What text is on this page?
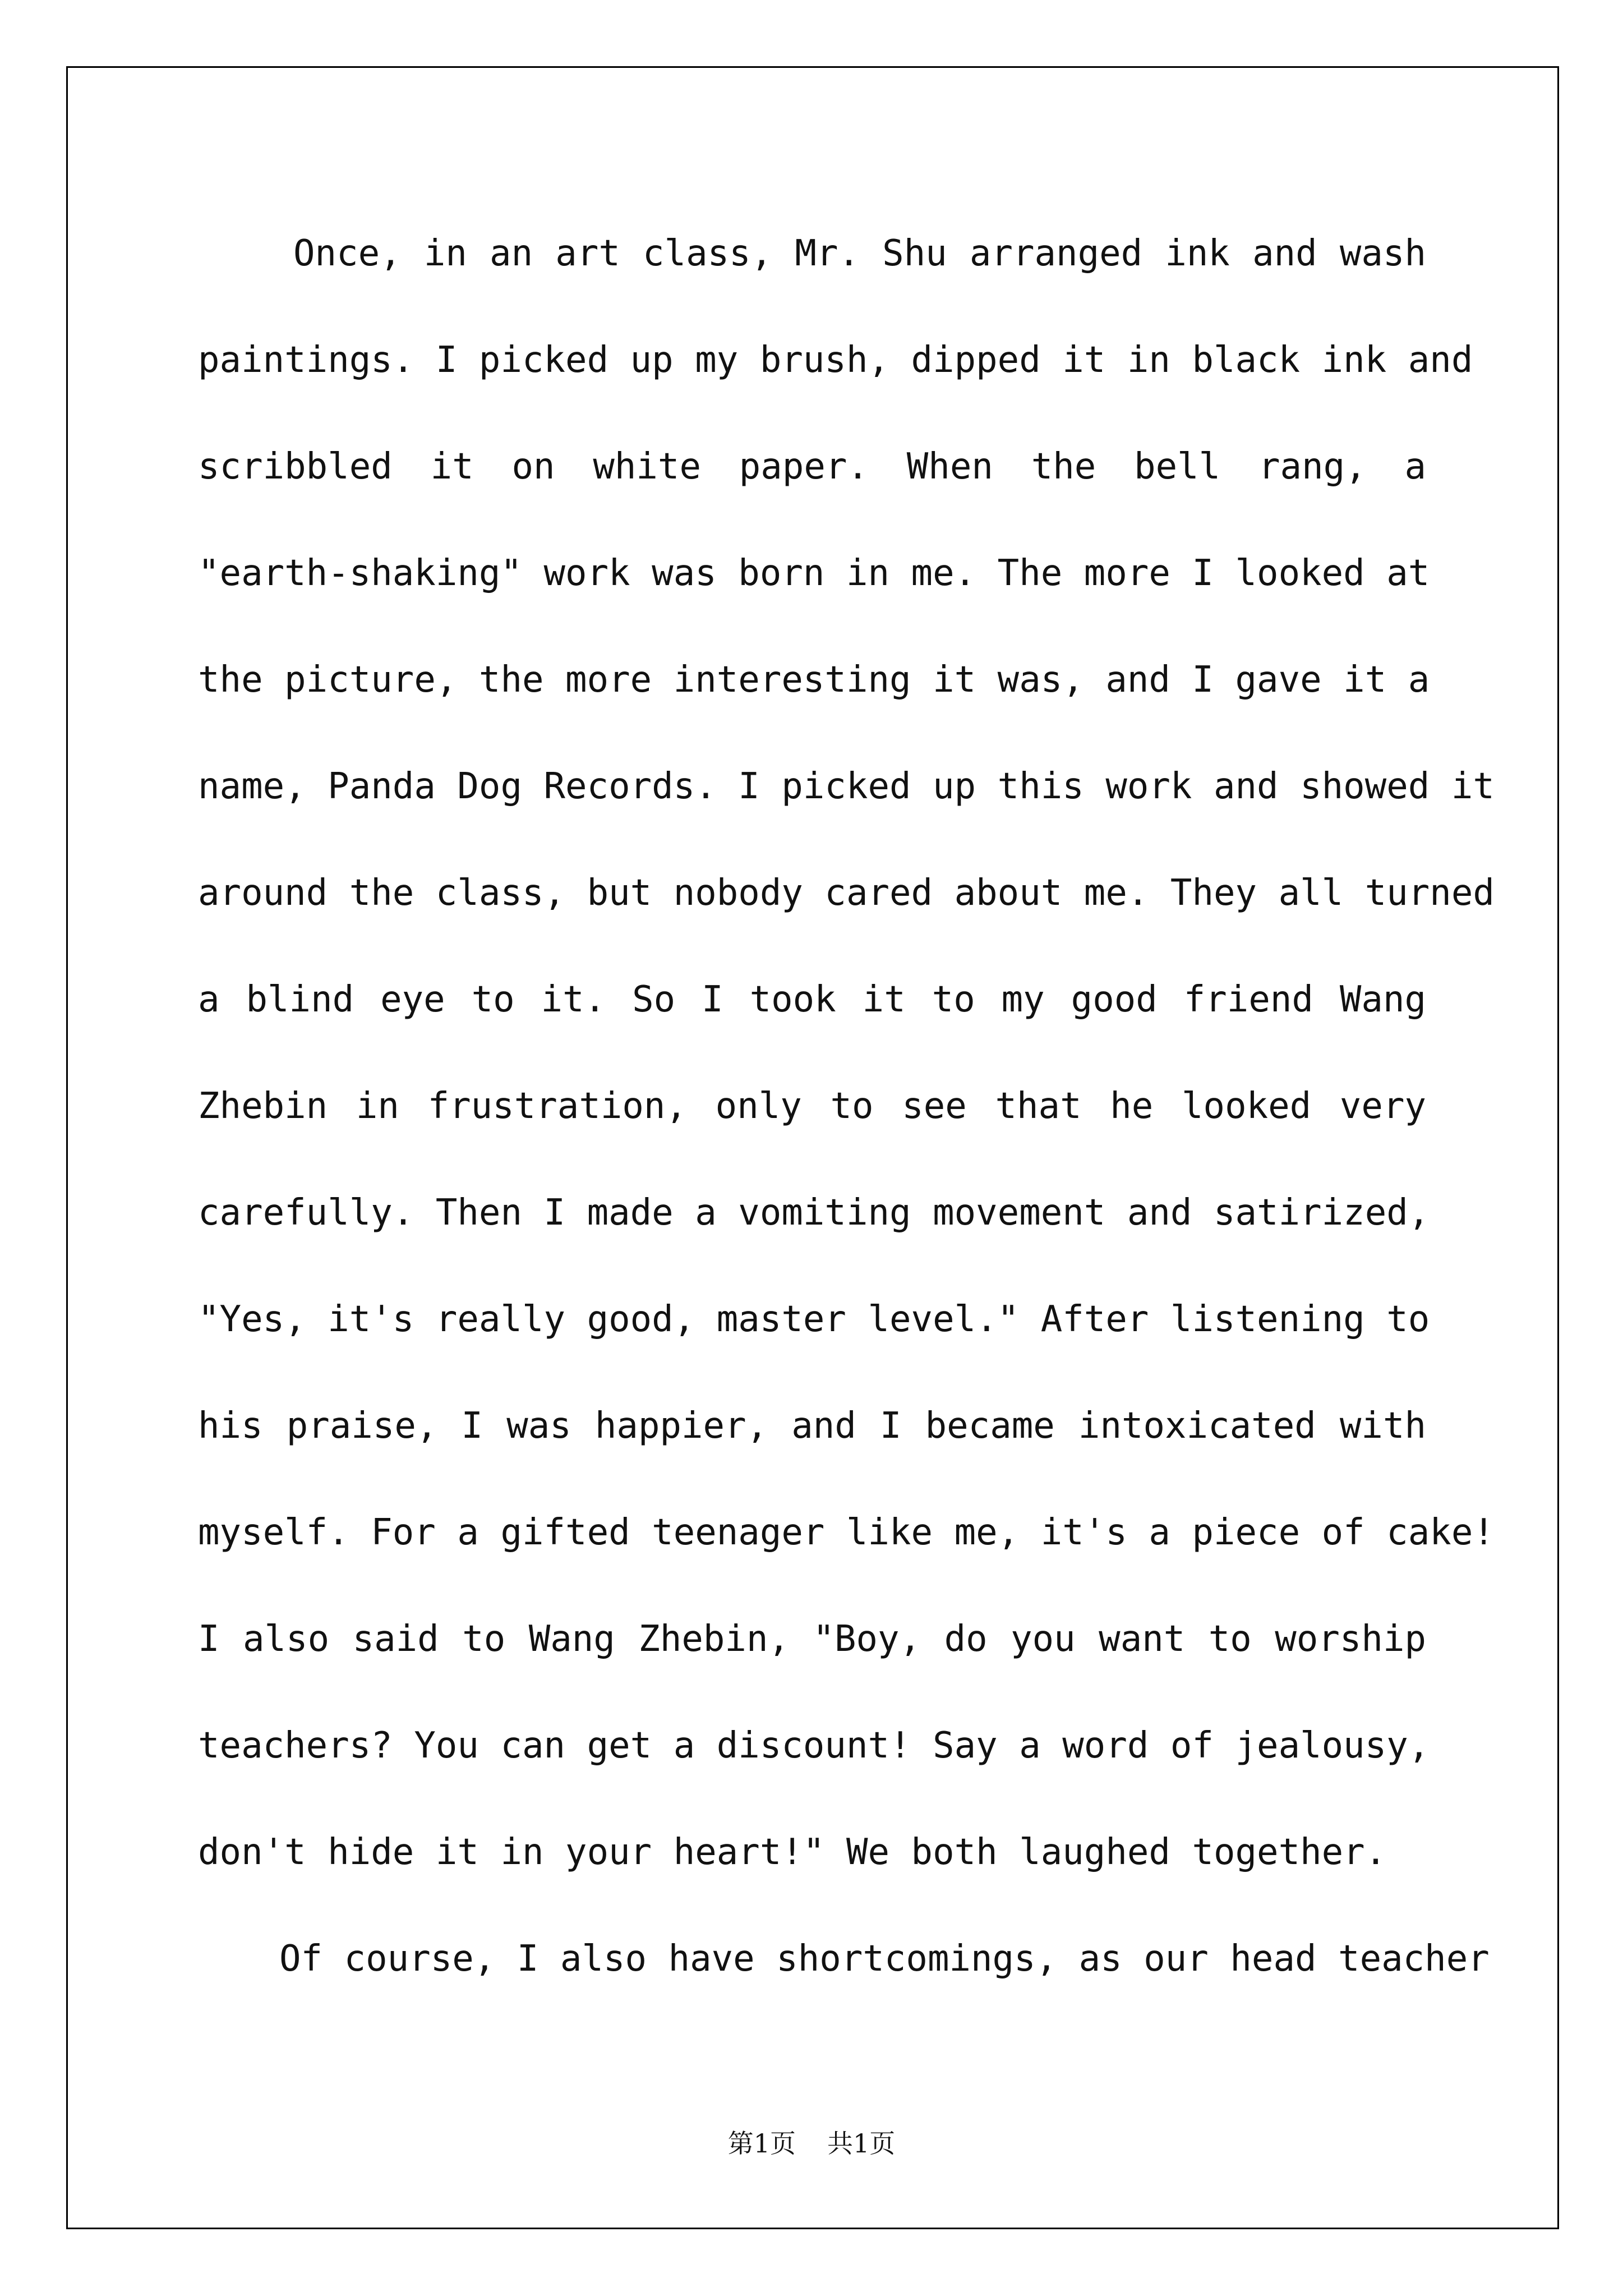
Once, in an art class, Mr. Shu arranged ink and wash
paintings. I picked up my brush, dipped it in black ink and
scribbled it on white paper. When the bell rang, a
"earth-shaking" work was born in me. The more I looked at
the picture, the more interesting it was, and I gave it a
name, Panda Dog Records. I picked up this work and showed it
around the class, but nobody cared about me. They all turned
a blind eye to it. So I took it to my good friend Wang
Zhebin in frustration, only to see that he looked very
carefully. Then I made a vomiting movement and satirized,
"Yes, it's really good, master level." After listening to
his praise, I was happier, and I became intoxicated with
myself. For a gifted teenager like me, it's a piece of cake!
I also said to Wang Zhebin, "Boy, do you want to worship
teachers? You can get a discount! Say a word of jealousy,
don't hide it in your heart!" We both laughed together.
Of course, I also have shortcomings, as our head teacher
第1页 共1页
